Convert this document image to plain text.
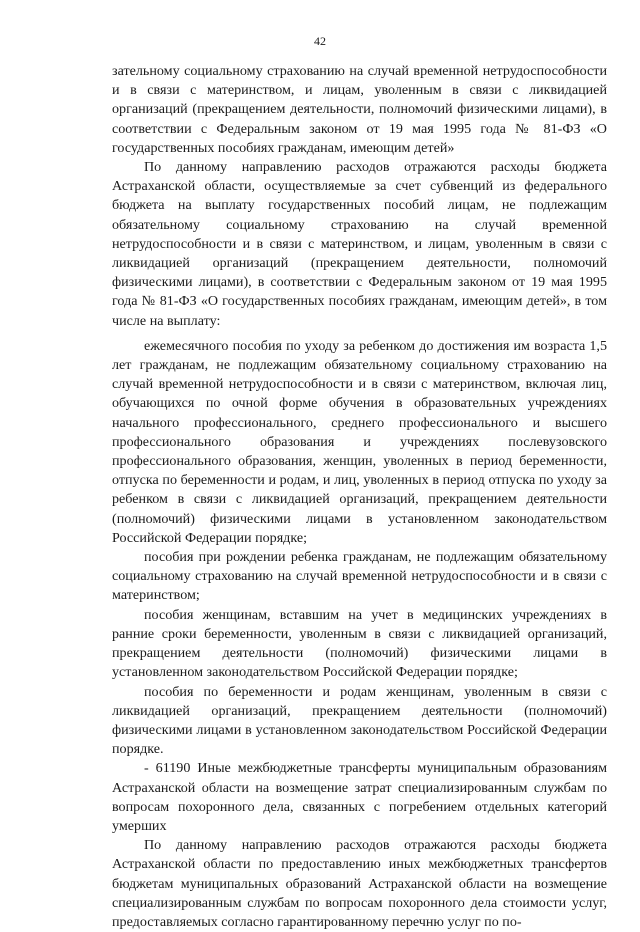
42

зательному социальному страхованию на случай временной нетрудоспособности и в связи с материнством, и лицам, уволенным в связи с ликвидацией организаций (прекращением деятельности, полномочий физическими лицами), в соответствии с Федеральным законом от 19 мая 1995 года № 81-ФЗ «О государственных пособиях гражданам, имеющим детей»

По данному направлению расходов отражаются расходы бюджета Астраханской области, осуществляемые за счет субвенций из федерального бюджета на выплату государственных пособий лицам, не подлежащим обязательному социальному страхованию на случай временной нетрудоспособности и в связи с материнством, и лицам, уволенным в связи с ликвидацией организаций (прекращением деятельности, полномочий физическими лицами), в соответствии с Федеральным законом от 19 мая 1995 года № 81-ФЗ «О государственных пособиях гражданам, имеющим детей», в том числе на выплату:

ежемесячного пособия по уходу за ребенком до достижения им возраста 1,5 лет гражданам, не подлежащим обязательному социальному страхованию на случай временной нетрудоспособности и в связи с материнством, включая лиц, обучающихся по очной форме обучения в образовательных учреждениях начального профессионального, среднего профессионального и высшего профессионального образования и учреждениях послевузовского профессионального образования, женщин, уволенных в период беременности, отпуска по беременности и родам, и лиц, уволенных в период отпуска по уходу за ребенком в связи с ликвидацией организаций, прекращением деятельности (полномочий) физическими лицами в установленном законодательством Российской Федерации порядке;

пособия при рождении ребенка гражданам, не подлежащим обязательному социальному страхованию на случай временной нетрудоспособности и в связи с материнством;

пособия женщинам, вставшим на учет в медицинских учреждениях в ранние сроки беременности, уволенным в связи с ликвидацией организаций, прекращением деятельности (полномочий) физическими лицами в установленном законодательством Российской Федерации порядке;

пособия по беременности и родам женщинам, уволенным в связи с ликвидацией организаций, прекращением деятельности (полномочий) физическими лицами в установленном законодательством Российской Федерации порядке.

- 61190 Иные межбюджетные трансферты муниципальным образованиям Астраханской области на возмещение затрат специализированным службам по вопросам похоронного дела, связанных с погребением отдельных категорий умерших

По данному направлению расходов отражаются расходы бюджета Астраханской области по предоставлению иных межбюджетных трансфертов бюджетам муниципальных образований Астраханской области на возмещение специализированным службам по вопросам похоронного дела стоимости услуг, предоставляемых согласно гарантированному перечню услуг по по-
